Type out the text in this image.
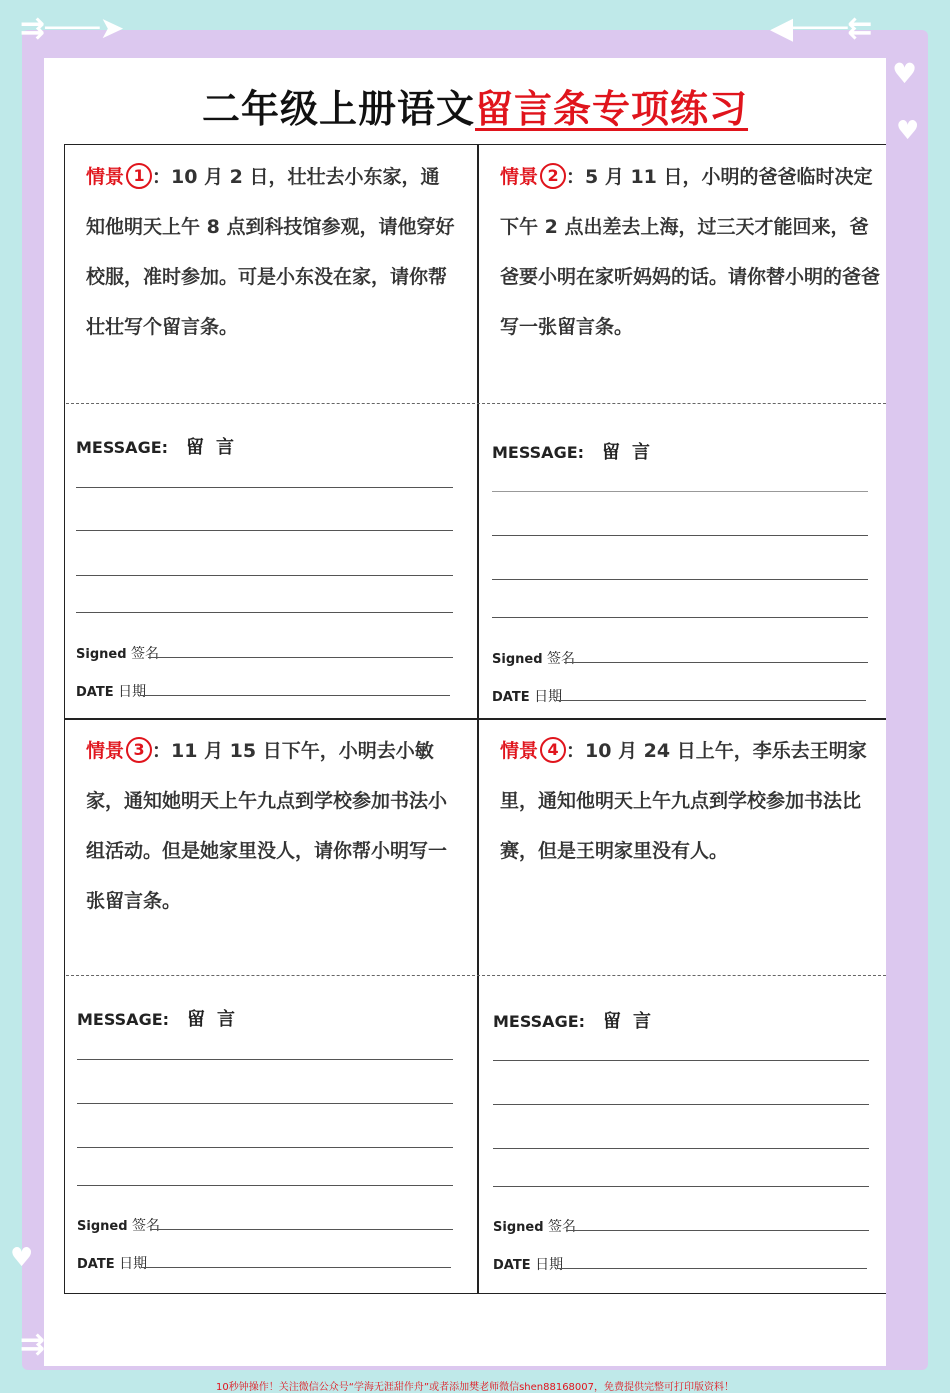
⇉───➤	◀───⇇
♥
♥
♥
⇉───➤	◀───⇇
二年级上册语文留言条专项练习
情景 1 ：10 月 2 日，壮壮去小东家，通知他明天上午 8 点到科技馆参观，请他穿好校服，准时参加。可是小东没在家，请你帮壮壮写个留言条。
情景 2 ：5 月 11 日，小明的爸爸临时决定下午 2 点出差去上海，过三天才能回来，爸爸要小明在家听妈妈的话。请你替小明的爸爸写一张留言条。
情景 3 ：11 月 15 日下午，小明去小敏家，通知她明天上午九点到学校参加书法小组活动。但是她家里没人，请你帮小明写一张留言条。
情景 4 ：10 月 24 日上午，李乐去王明家里，通知他明天上午九点到学校参加书法比赛，但是王明家里没有人。
MESSAGE: 留言
Signed 签名
DATE 日期
MESSAGE: 留言
Signed 签名
DATE 日期
MESSAGE: 留言
Signed 签名
DATE 日期
MESSAGE: 留言
Signed 签名
DATE 日期
10秒钟操作！关注微信公众号“学海无涯甜作舟”或者添加樊老师微信shen88168007，免费提供完整可打印版资料！
